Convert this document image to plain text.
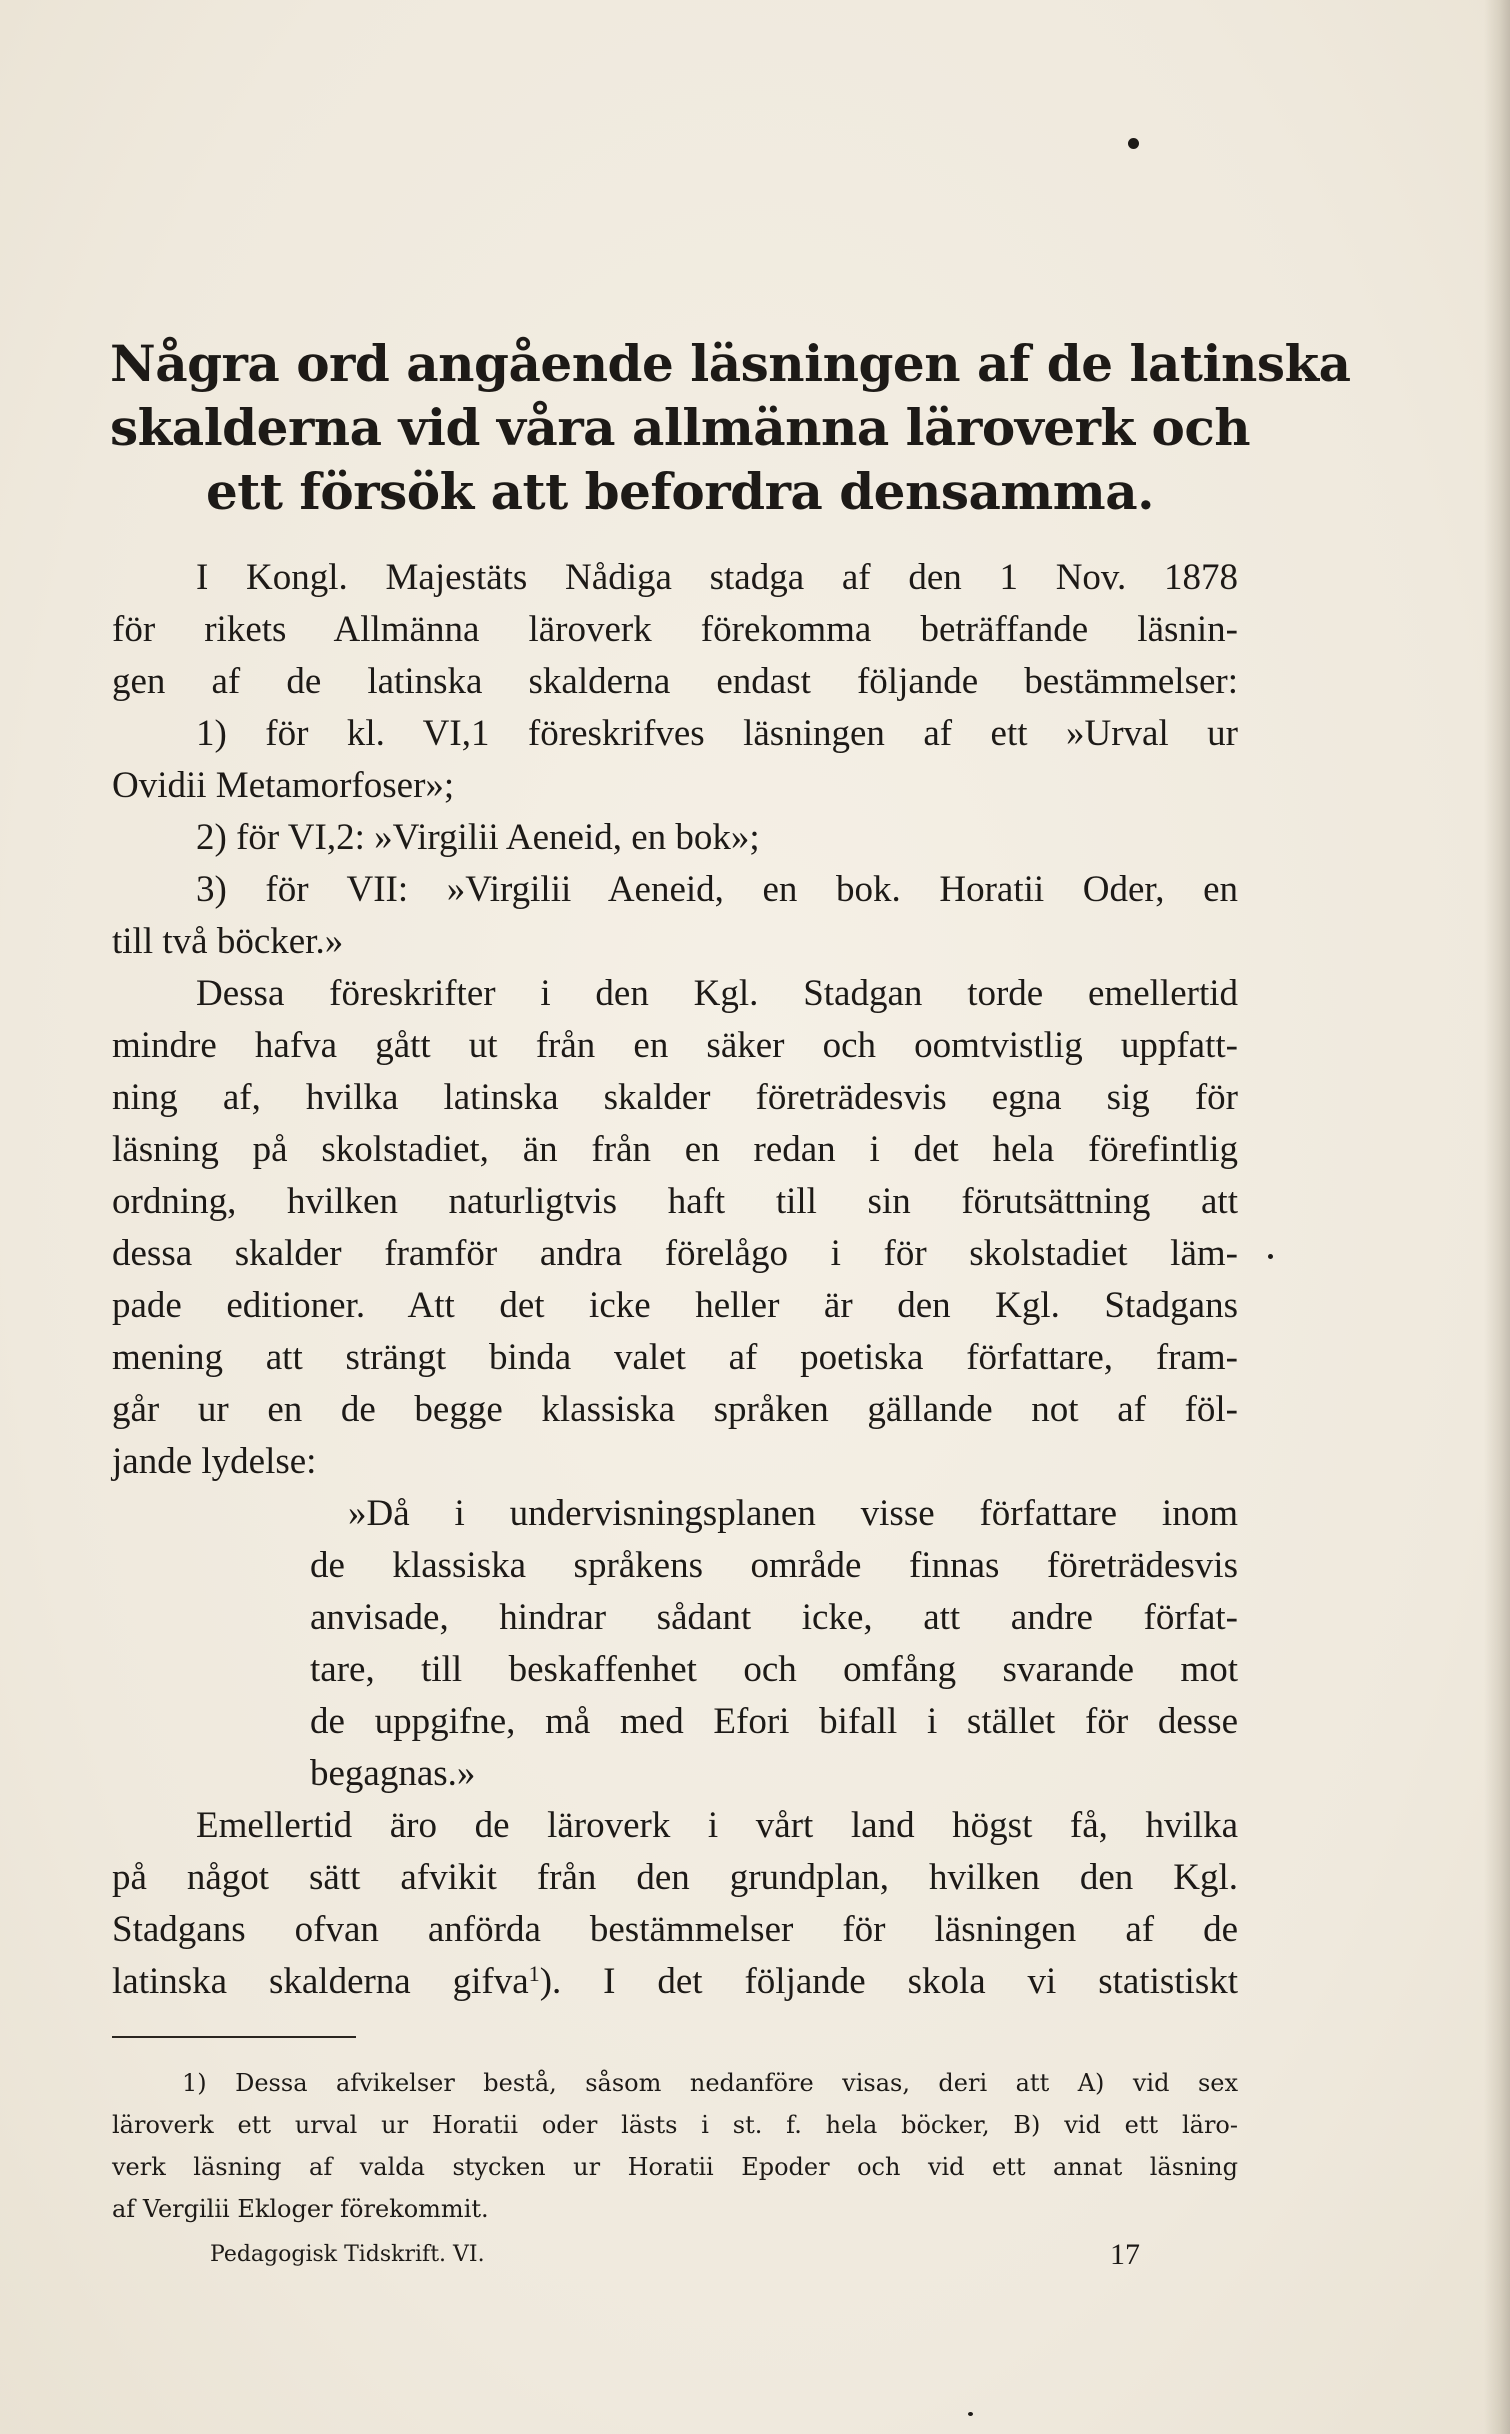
Några ord angående läsningen af de latinska
skalderna vid våra allmänna läroverk och
ett försök att befordra densamma.
I Kongl. Majestäts Nådiga stadga af den 1 Nov. 1878
för rikets Allmänna läroverk förekomma beträffande läsnin-
gen af de latinska skalderna endast följande bestämmelser:
1) för kl. VI,1 föreskrifves läsningen af ett »Urval ur
Ovidii Metamorfoser»;
2) för VI,2: »Virgilii Aeneid, en bok»;
3) för VII: »Virgilii Aeneid, en bok. Horatii Oder, en
till två böcker.»
Dessa föreskrifter i den Kgl. Stadgan torde emellertid
mindre hafva gått ut från en säker och oomtvistlig uppfatt-
ning af, hvilka latinska skalder företrädesvis egna sig för
läsning på skolstadiet, än från en redan i det hela förefintlig
ordning, hvilken naturligtvis haft till sin förutsättning att
dessa skalder framför andra förelågo i för skolstadiet läm-
pade editioner. Att det icke heller är den Kgl. Stadgans
mening att strängt binda valet af poetiska författare, fram-
går ur en de begge klassiska språken gällande not af föl-
jande lydelse:
»Då i undervisningsplanen visse författare inom
de klassiska språkens område finnas företrädesvis
anvisade, hindrar sådant icke, att andre förfat-
tare, till beskaffenhet och omfång svarande mot
de uppgifne, må med Efori bifall i stället för desse
begagnas.»
Emellertid äro de läroverk i vårt land högst få, hvilka
på något sätt afvikit från den grundplan, hvilken den Kgl.
Stadgans ofvan anförda bestämmelser för läsningen af de
latinska skalderna gifva$^1$). I det följande skola vi statistiskt
1) Dessa afvikelser bestå, såsom nedanföre visas, deri att A) vid sex
läroverk ett urval ur Horatii oder lästs i st. f. hela böcker, B) vid ett läro-
verk läsning af valda stycken ur Horatii Epoder och vid ett annat läsning
af Vergilii Ekloger förekommit.
Pedagogisk Tidskrift. VI.	17
